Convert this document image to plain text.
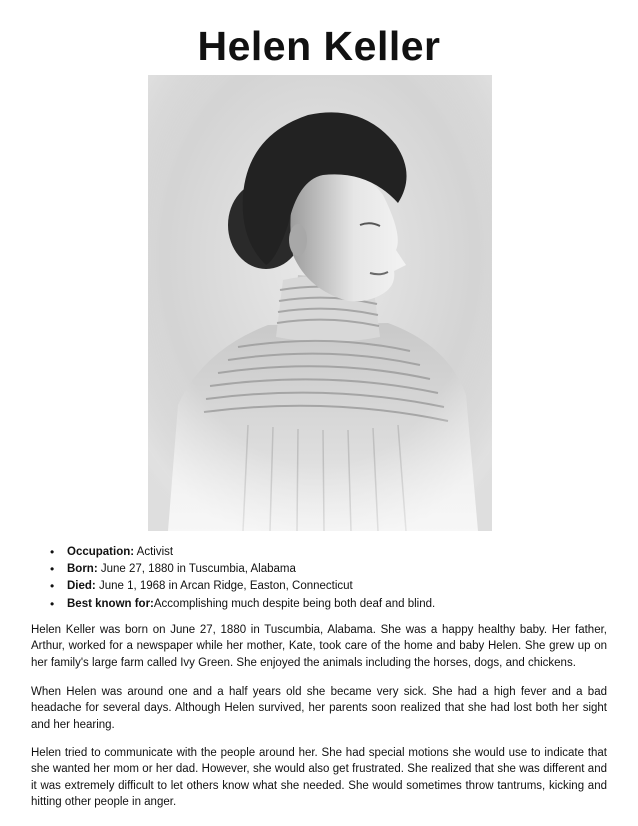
Helen Keller
• Occupation: Activist
• Born: June 27, 1880 in Tuscumbia, Alabama
• Died: June 1, 1968 in Arcan Ridge, Easton, Connecticut
• Best known for:Accomplishing much despite being both deaf and blind.

Helen Keller was born on June 27, 1880 in Tuscumbia, Alabama. She was a happy healthy baby. Her father, Arthur, worked for a newspaper while her mother, Kate, took care of the home and baby Helen. She grew up on her family's large farm called Ivy Green. She enjoyed the animals including the horses, dogs, and chickens.

When Helen was around one and a half years old she became very sick. She had a high fever and a bad headache for several days. Although Helen survived, her parents soon realized that she had lost both her sight and her hearing.

Helen tried to communicate with the people around her. She had special motions she would use to indicate that she wanted her mom or her dad. However, she would also get frustrated. She realized that she was different and it was extremely difficult to let others know what she needed. She would sometimes throw tantrums, kicking and hitting other people in anger.
